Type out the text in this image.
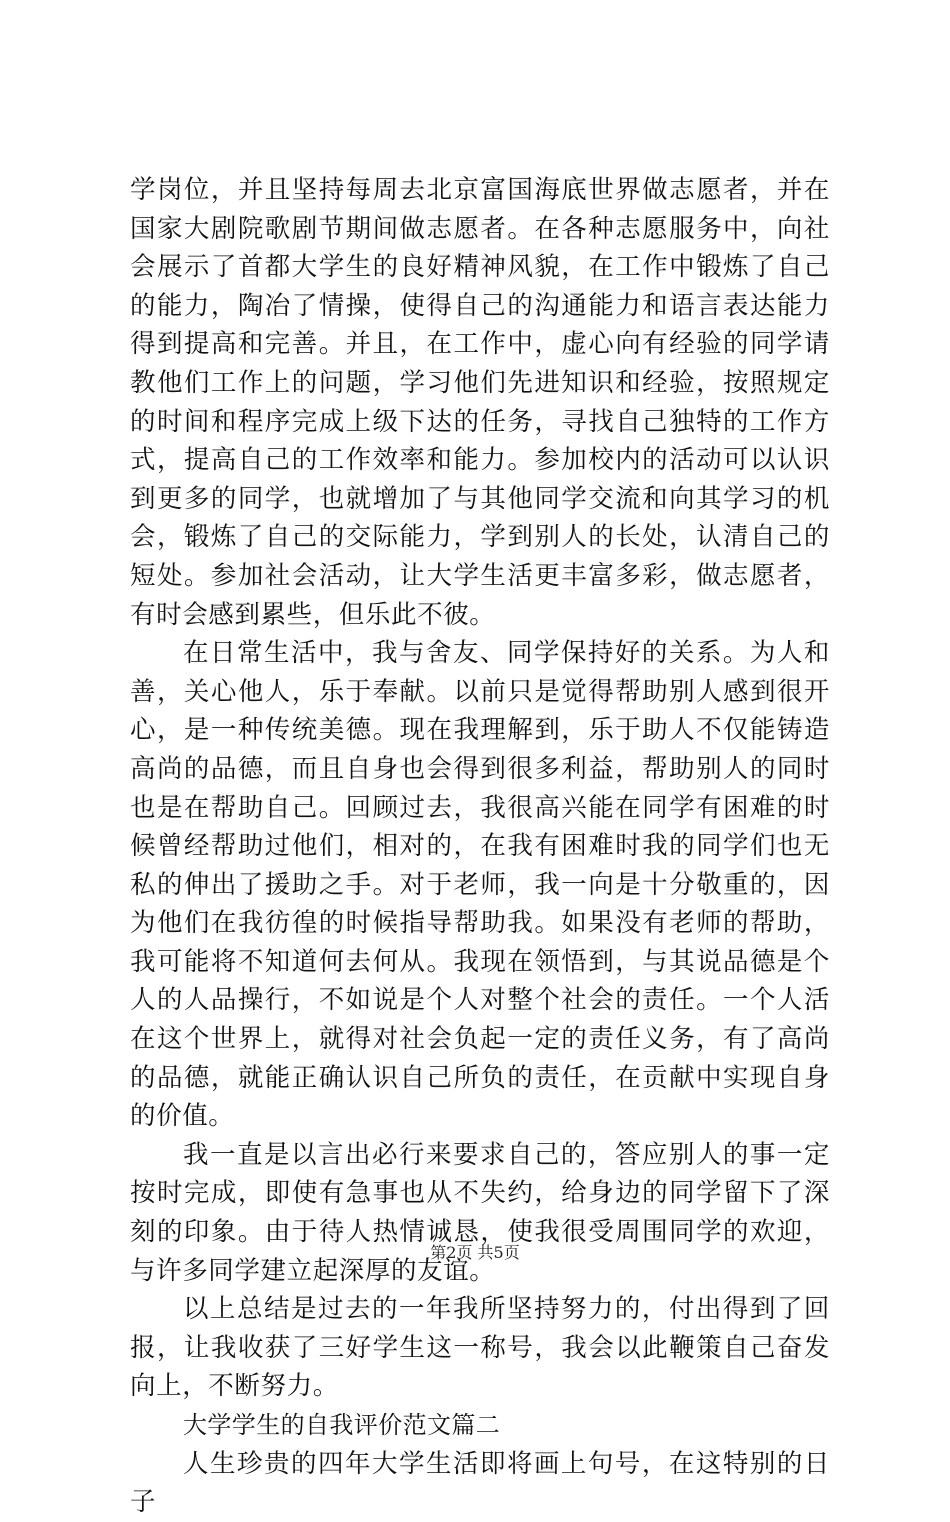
学岗位，并且坚持每周去北京富国海底世界做志愿者，并在国家大剧院歌剧节期间做志愿者。在各种志愿服务中，向社会展示了首都大学生的良好精神风貌，在工作中锻炼了自己的能力，陶冶了情操，使得自己的沟通能力和语言表达能力得到提高和完善。并且，在工作中，虚心向有经验的同学请教他们工作上的问题，学习他们先进知识和经验，按照规定的时间和程序完成上级下达的任务，寻找自己独特的工作方式，提高自己的工作效率和能力。参加校内的活动可以认识到更多的同学，也就增加了与其他同学交流和向其学习的机会，锻炼了自己的交际能力，学到别人的长处，认清自己的短处。参加社会活动，让大学生活更丰富多彩，做志愿者，有时会感到累些，但乐此不彼。

在日常生活中，我与舍友、同学保持好的关系。为人和善，关心他人，乐于奉献。以前只是觉得帮助别人感到很开心，是一种传统美德。现在我理解到，乐于助人不仅能铸造高尚的品德，而且自身也会得到很多利益，帮助别人的同时也是在帮助自己。回顾过去，我很高兴能在同学有困难的时候曾经帮助过他们，相对的，在我有困难时我的同学们也无私的伸出了援助之手。对于老师，我一向是十分敬重的，因为他们在我彷徨的时候指导帮助我。如果没有老师的帮助，我可能将不知道何去何从。我现在领悟到，与其说品德是个人的人品操行，不如说是个人对整个社会的责任。一个人活在这个世界上，就得对社会负起一定的责任义务，有了高尚的品德，就能正确认识自己所负的责任，在贡献中实现自身的价值。

我一直是以言出必行来要求自己的，答应别人的事一定按时完成，即使有急事也从不失约，给身边的同学留下了深刻的印象。由于待人热情诚恳，使我很受周围同学的欢迎，与许多同学建立起深厚的友谊。

以上总结是过去的一年我所坚持努力的，付出得到了回报，让我收获了三好学生这一称号，我会以此鞭策自己奋发向上，不断努力。

大学学生的自我评价范文篇二

人生珍贵的四年大学生活即将画上句号，在这特别的日子

第2页 共5页
